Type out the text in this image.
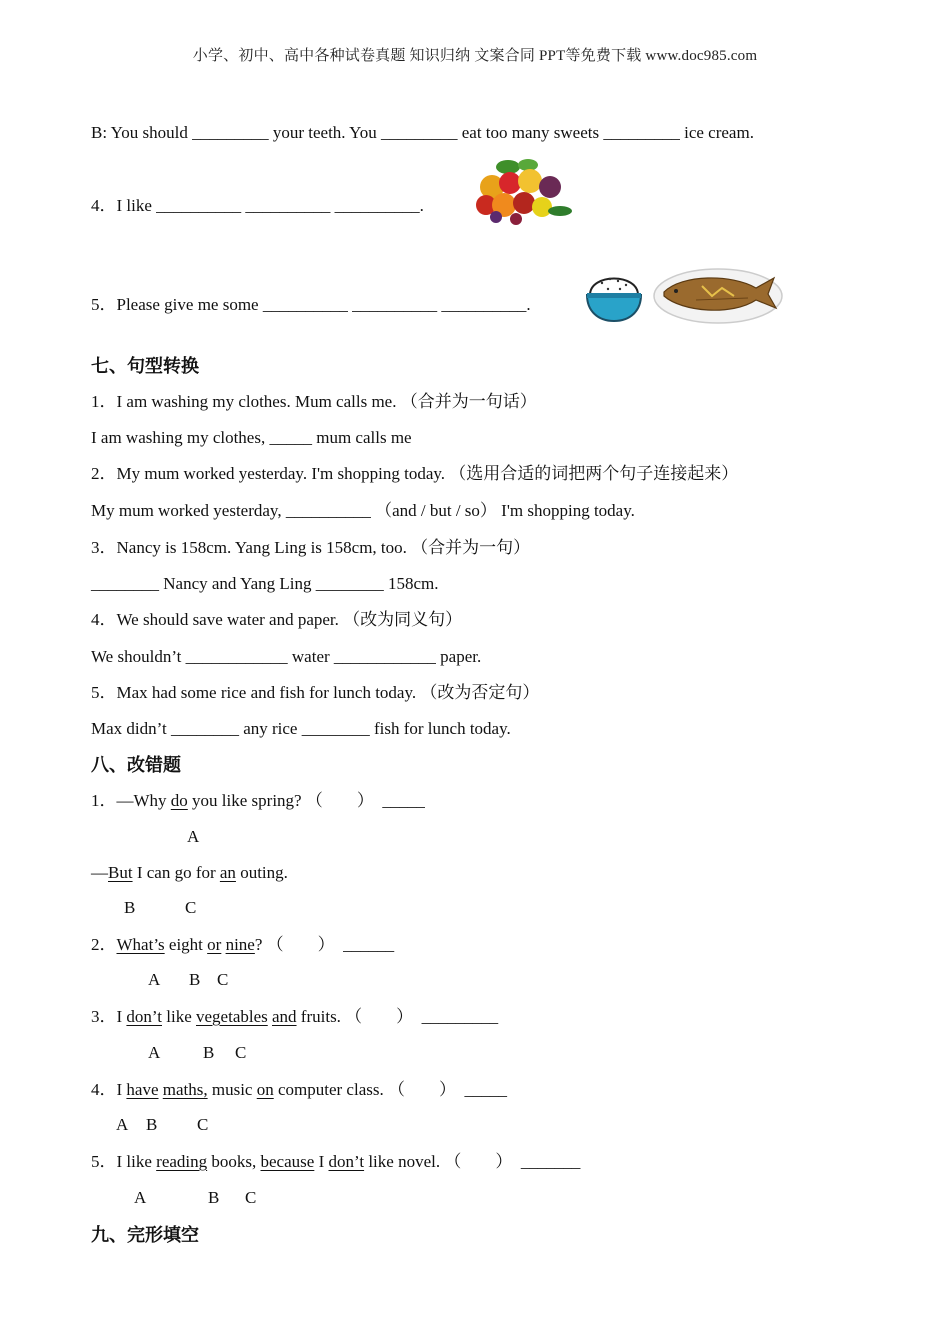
小学、初中、高中各种试卷真题 知识归纳 文案合同 PPT等免费下载 www.doc985.com
B: You should _________ your teeth. You _________ eat too many sweets _________ ice cream.
4．I like __________ __________ __________.
5．Please give me some __________ __________ __________.
七、句型转换
1．I am washing my clothes. Mum calls me. （合并为一句话）
I am washing my clothes, _____ mum calls me
2．My mum worked yesterday. I'm shopping today. （选用合适的词把两个句子连接起来）
My mum worked yesterday, __________ （and / but / so） I'm shopping today.
3．Nancy is 158cm. Yang Ling is 158cm, too. （合并为一句）
________ Nancy and Yang Ling ________ 158cm.
4．We should save water and paper. （改为同义句）
We shouldn’t ____________ water ____________ paper.
5．Max had some rice and fish for lunch today. （改为否定句）
Max didn’t ________ any rice ________ fish for lunch today.
八、改错题
1．—Why do you like spring? （　　）　_____
A
—But I can go for an outing.
B	C
2．What’s eight or nine? （　　）　______
A B C
3．I don’t like vegetables and fruits. （　　）　_________
A	B C
4．I have maths, music on computer class. （　　）　_____
A B C
5．I like reading books, because I don’t like novel. （　　）　_______
A	B C
九、完形填空
